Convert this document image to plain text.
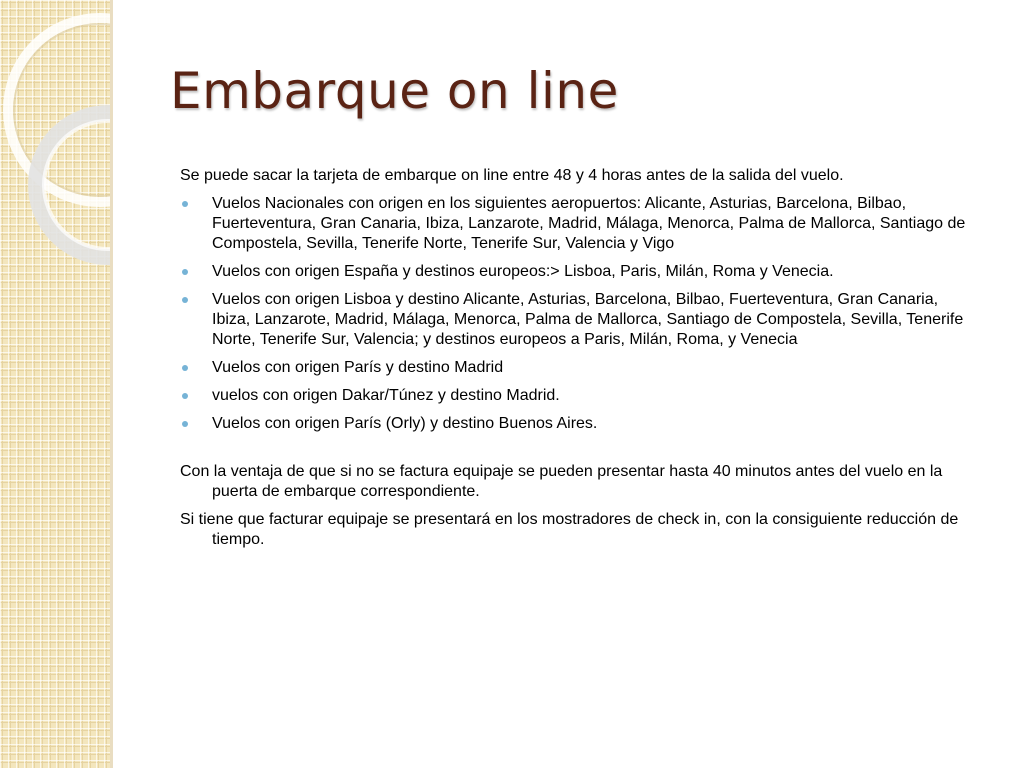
Embarque on line

Se puede sacar la tarjeta de embarque on line entre 48 y 4 horas antes de la salida del vuelo.

Vuelos Nacionales con origen en los siguientes aeropuertos: Alicante, Asturias, Barcelona, Bilbao, Fuerteventura, Gran Canaria, Ibiza, Lanzarote, Madrid, Málaga, Menorca, Palma de Mallorca, Santiago de Compostela, Sevilla, Tenerife Norte, Tenerife Sur, Valencia y Vigo
Vuelos con origen España y destinos europeos:> Lisboa, Paris, Milán, Roma y Venecia.
Vuelos con origen Lisboa y destino Alicante, Asturias, Barcelona, Bilbao, Fuerteventura, Gran Canaria, Ibiza, Lanzarote, Madrid, Málaga, Menorca, Palma de Mallorca, Santiago de Compostela, Sevilla, Tenerife Norte, Tenerife Sur, Valencia; y destinos europeos a Paris, Milán, Roma, y Venecia
Vuelos con origen París y destino Madrid
vuelos con origen Dakar/Túnez y destino Madrid.
Vuelos con origen París (Orly) y destino Buenos Aires.

Con la ventaja de que si no se factura equipaje se pueden presentar hasta 40 minutos antes del vuelo en la puerta de embarque correspondiente.

Si tiene que facturar equipaje se presentará en los mostradores de check in, con la consiguiente reducción de tiempo.
